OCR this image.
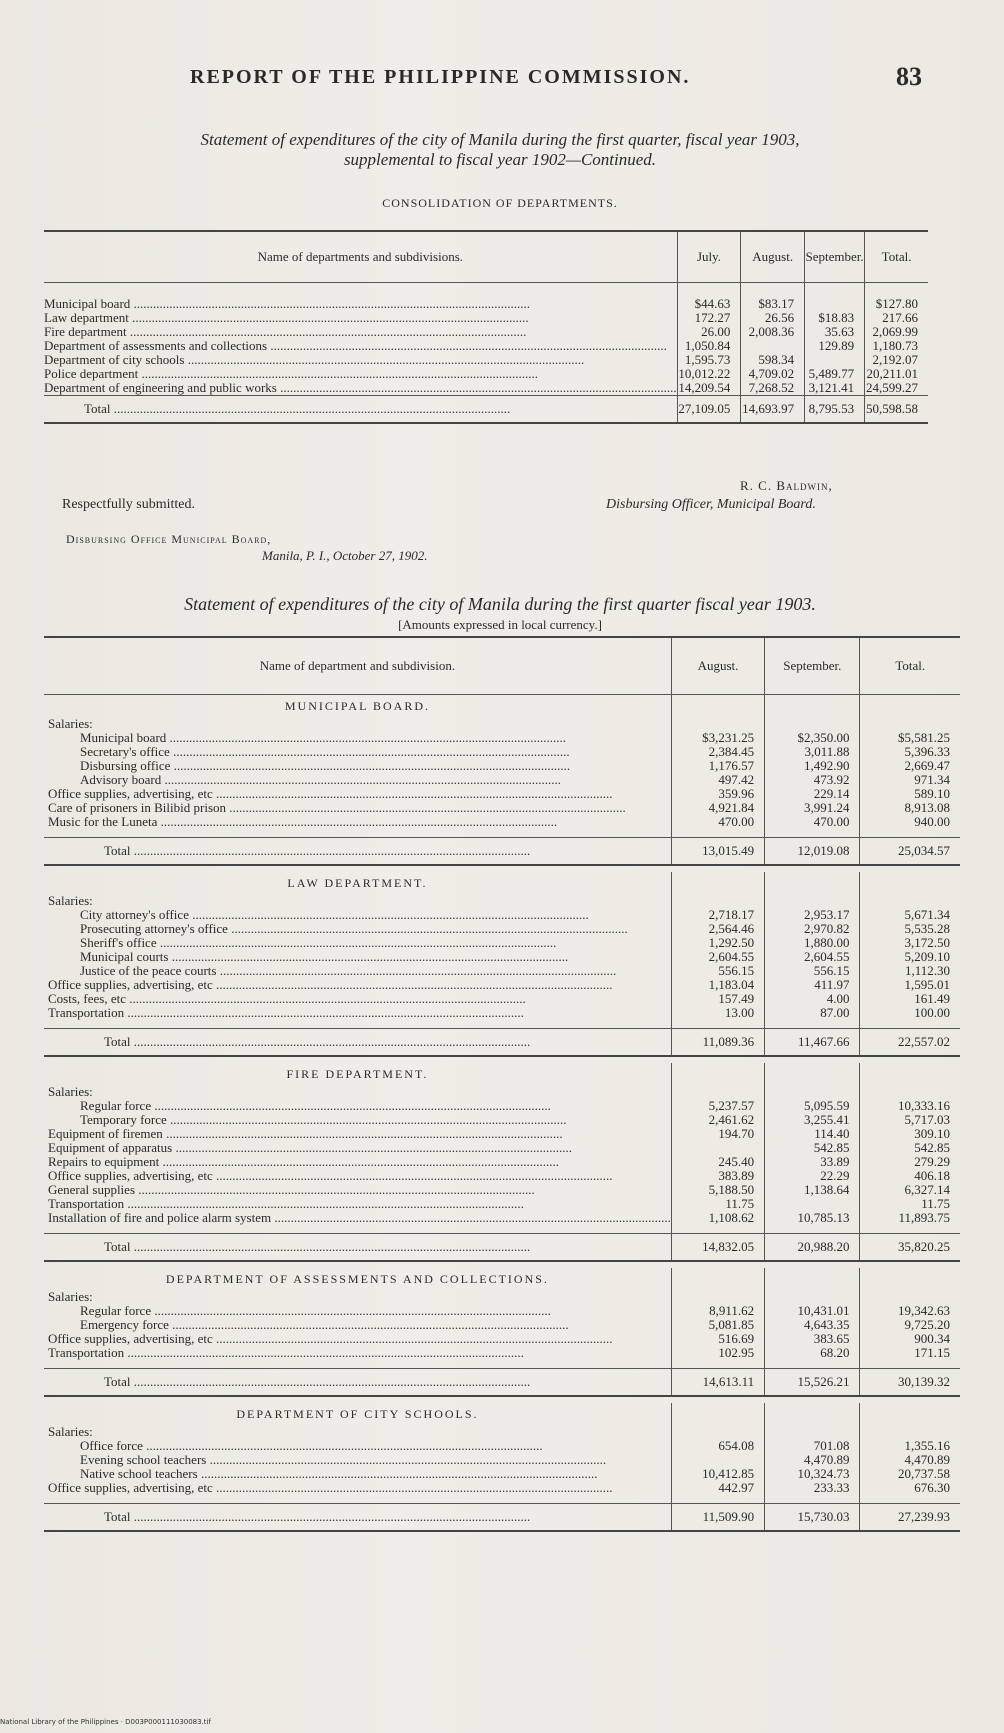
REPORT OF THE PHILIPPINE COMMISSION.	83
Statement of expenditures of the city of Manila during the first quarter, fiscal year 1903,
supplemental to fiscal year 1902—Continued.
CONSOLIDATION OF DEPARTMENTS.
Name of departments and subdivisions.	July.	August.	September.	Total.

Municipal board .....	$44.63	$83.17		$127.80

Law department .....	172.27	26.56	$18.83	217.66

Fire department .....	26.00	2,008.36	35.63	2,069.99

Department of assessments and collections .....	1,050.84		129.89	1,180.73

Department of city schools .....	1,595.73	598.34		2,192.07

Police department .....	10,012.22	4,709.02	5,489.77	20,211.01

Department of engineering and public works .....	14,209.54	7,268.52	3,121.41	24,599.27

Total .....	27,109.05	14,693.97	8,795.53	50,598.58

Respectfully submitted.
R. C. Baldwin,
Disbursing Officer, Municipal Board.
Disbursing Office Municipal Board,
Manila, P. I., October 27, 1902.
Statement of expenditures of the city of Manila during the first quarter fiscal year 1903.
[Amounts expressed in local currency.]
Name of department and subdivision.	August.	September.	Total.

MUNICIPAL BOARD.			

Salaries:			

Municipal board .....	$3,231.25	$2,350.00	$5,581.25

Secretary's office .....	2,384.45	3,011.88	5,396.33

Disbursing office .....	1,176.57	1,492.90	2,669.47

Advisory board .....	497.42	473.92	971.34

Office supplies, advertising, etc .....	359.96	229.14	589.10

Care of prisoners in Bilibid prison .....	4,921.84	3,991.24	8,913.08

Music for the Luneta .....	470.00	470.00	940.00

Total .....	13,015.49	12,019.08	25,034.57

LAW DEPARTMENT.			

Salaries:			

City attorney's office .....	2,718.17	2,953.17	5,671.34

Prosecuting attorney's office .....	2,564.46	2,970.82	5,535.28

Sheriff's office .....	1,292.50	1,880.00	3,172.50

Municipal courts .....	2,604.55	2,604.55	5,209.10

Justice of the peace courts .....	556.15	556.15	1,112.30

Office supplies, advertising, etc .....	1,183.04	411.97	1,595.01

Costs, fees, etc .....	157.49	4.00	161.49

Transportation .....	13.00	87.00	100.00

Total .....	11,089.36	11,467.66	22,557.02

FIRE DEPARTMENT.			

Salaries:			

Regular force .....	5,237.57	5,095.59	10,333.16

Temporary force .....	2,461.62	3,255.41	5,717.03

Equipment of firemen .....	194.70	114.40	309.10

Equipment of apparatus .....		542.85	542.85

Repairs to equipment .....	245.40	33.89	279.29

Office supplies, advertising, etc .....	383.89	22.29	406.18

General supplies .....	5,188.50	1,138.64	6,327.14

Transportation .....	11.75		11.75

Installation of fire and police alarm system .....	1,108.62	10,785.13	11,893.75

Total .....	14,832.05	20,988.20	35,820.25

DEPARTMENT OF ASSESSMENTS AND COLLECTIONS.			

Salaries:			

Regular force .....	8,911.62	10,431.01	19,342.63

Emergency force .....	5,081.85	4,643.35	9,725.20

Office supplies, advertising, etc .....	516.69	383.65	900.34

Transportation .....	102.95	68.20	171.15

Total .....	14,613.11	15,526.21	30,139.32

DEPARTMENT OF CITY SCHOOLS.			

Salaries:			

Office force .....	654.08	701.08	1,355.16

Evening school teachers .....		4,470.89	4,470.89

Native school teachers .....	10,412.85	10,324.73	20,737.58

Office supplies, advertising, etc .....	442.97	233.33	676.30

Total .....	11,509.90	15,730.03	27,239.93

National Library of the Philippines · D003P000111030083.tif
